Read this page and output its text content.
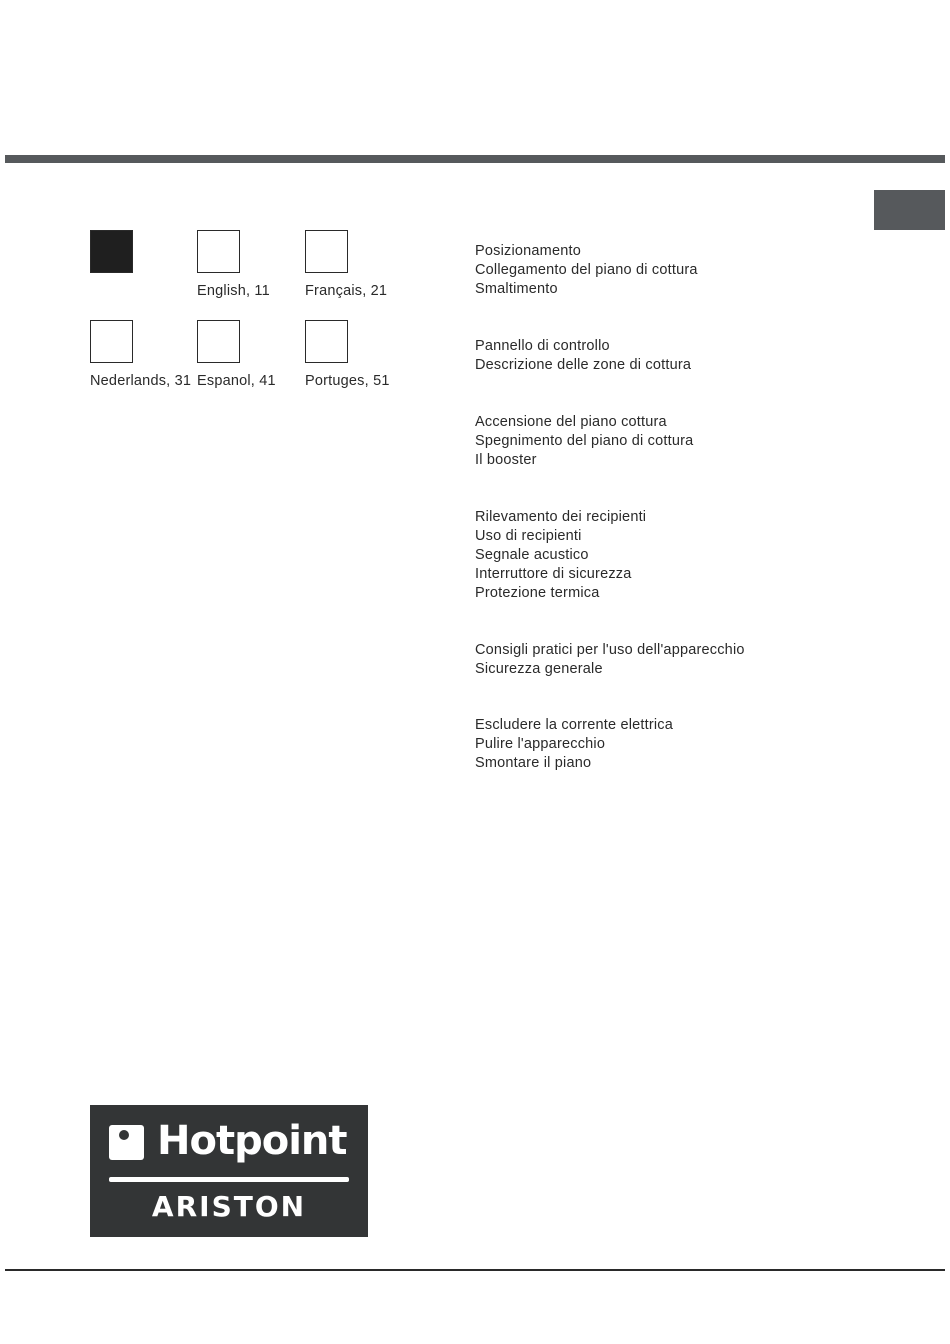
English, 11 Français, 21
Nederlands, 31 Espanol, 41 Portuges, 51
Posizionamento
Collegamento del piano di cottura
Smaltimento
Pannello di controllo
Descrizione delle zone di cottura
Accensione del piano cottura
Spegnimento del piano di cottura
Il booster
Rilevamento dei recipienti
Uso di recipienti
Segnale acustico
Interruttore di sicurezza
Protezione termica
Consigli pratici per l'uso dell'apparecchio
Sicurezza generale
Escludere la corrente elettrica
Pulire l'apparecchio
Smontare il piano
Hotpoint
ARISTON
